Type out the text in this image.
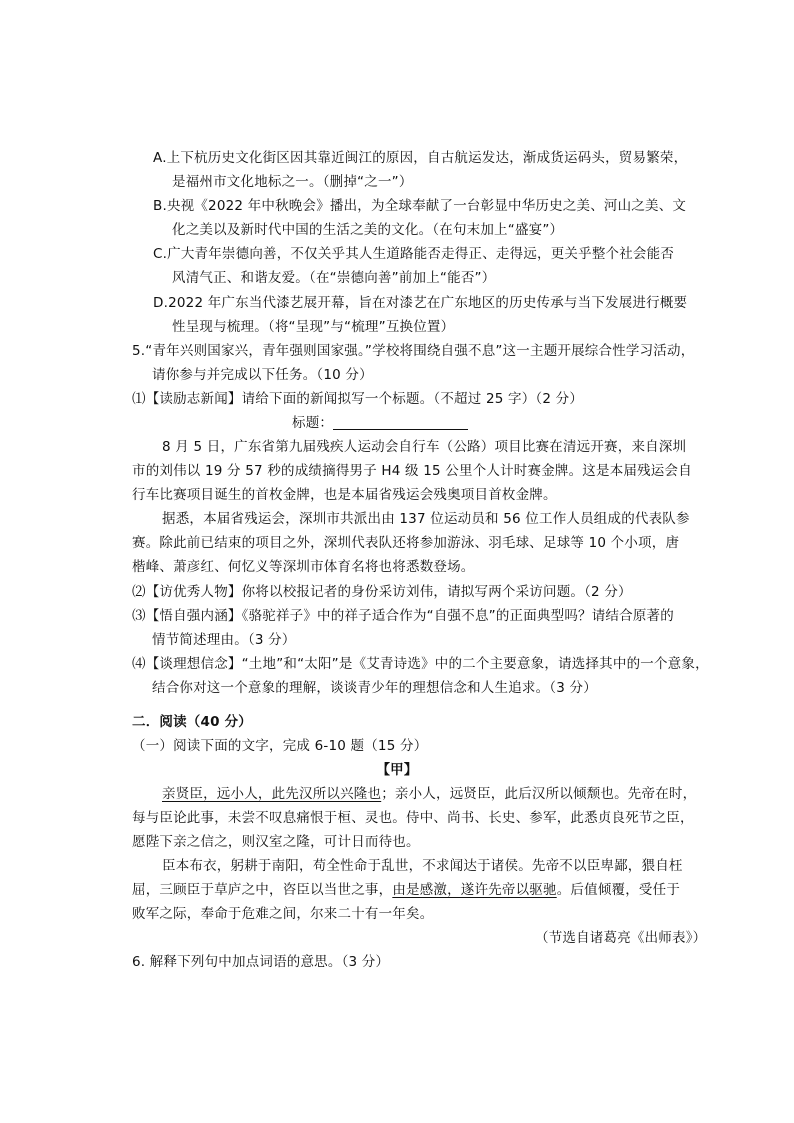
A.上下杭历史文化街区因其靠近闽江的原因，自古航运发达，渐成货运码头，贸易繁荣，
是福州市文化地标之一。（删掉“之一”）
B.央视《2022 年中秋晚会》播出，为全球奉献了一台彰显中华历史之美、河山之美、文
化之美以及新时代中国的生活之美的文化。（在句末加上“盛宴”）
C.广大青年崇德向善，不仅关乎其人生道路能否走得正、走得远，更关乎整个社会能否
风清气正、和谐友爱。（在“崇德向善”前加上“能否”）
D.2022 年广东当代漆艺展开幕，旨在对漆艺在广东地区的历史传承与当下发展进行概要
性呈现与梳理。（将“呈现”与“梳理”互换位置）
5.“青年兴则国家兴，青年强则国家强。”学校将围绕自强不息”这一主题开展综合性学习活动，
请你参与并完成以下任务。（10 分）
⑴【读励志新闻】请给下面的新闻拟写一个标题。（不超过 25 字）（2 分）
标题：
8 月 5 日，广东省第九届残疾人运动会自行车（公路）项目比赛在清远开赛，来自深圳
市的刘伟以 19 分 57 秒的成绩摘得男子 H4 级 15 公里个人计时赛金牌。这是本届残运会自
行车比赛项目诞生的首枚金牌，也是本届省残运会残奥项目首枚金牌。
据悉，本届省残运会，深圳市共派出由 137 位运动员和 56 位工作人员组成的代表队参
赛。除此前已结束的项目之外，深圳代表队还将参加游泳、羽毛球、足球等 10 个小项，唐
楷峰、萧彦红、何忆义等深圳市体育名将也将悉数登场。
⑵【访优秀人物】你将以校报记者的身份采访刘伟，请拟写两个采访问题。（2 分）
⑶【悟自强内涵】《骆驼祥子》中的祥子适合作为“自强不息”的正面典型吗？请结合原著的
情节简述理由。（3 分）
⑷【谈理想信念】“土地”和“太阳”是《艾青诗选》中的二个主要意象，请选择其中的一个意象，
结合你对这一个意象的理解，谈谈青少年的理想信念和人生追求。（3 分）
二．阅读（40 分）
（一）阅读下面的文字，完成 6-10 题（15 分）
【甲】
亲贤臣，远小人，此先汉所以兴隆也；亲小人，远贤臣，此后汉所以倾颓也。先帝在时，
每与臣论此事，未尝不叹息痛恨于桓、灵也。侍中、尚书、长史、参军，此悉贞良死节之臣，
愿陛下亲之信之，则汉室之隆，可计日而待也。
臣本布衣，躬耕于南阳，苟全性命于乱世，不求闻达于诸侯。先帝不以臣卑鄙，猥自枉
屈，三顾臣于草庐之中，咨臣以当世之事，由是感激，遂许先帝以驱驰。后值倾覆，受任于
败军之际，奉命于危难之间，尔来二十有一年矣。
（节选自诸葛亮《出师表》）
6. 解释下列句中加点词语的意思。（3 分）
